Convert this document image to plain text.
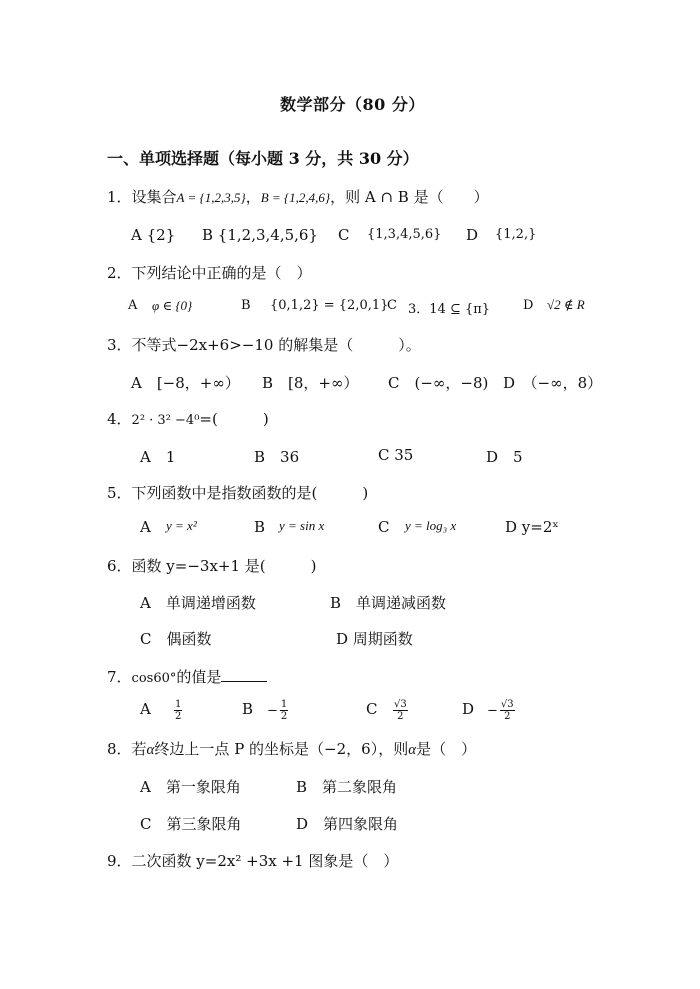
数学部分（80 分）
一、单项选择题（每小题 3 分，共 30 分）
1．设集合A = {1,2,3,5}，B = {1,2,4,6}，则 A ∩ B 是（　　）
A {2} B {1,2,3,4,5,6} C {1,3,4,5,6} D {1,2,}
2．下列结论中正确的是（　）
A φ ∈ {0}	B {0,1,2} = {2,0,1}
C 3．14 ⊆ {π}	D √2 ∉ R
3．不等式−2x+6>−10 的解集是（　　　）。
A　[−8，+∞） B　[8，+∞） C　(−∞，−8) D　（−∞，8）
4．2² · 3² −4⁰=(　　　)
A　1	B　36	C 35	D　5
5．下列函数中是指数函数的是(　　　)
A y = x²	B y = sin x	C y = log₃ x	D y=2ˣ
6．函数 y=−3x+1 是(　　　)
A　单调递增函数	B　单调递减函数
C　偶函数	D 周期函数
7．cos60°的值是
A $\frac{1}{2}$	$B - \frac{1}{2}$	C $\frac{√3}{2}$	$D - \frac{√3}{2}$
8．若α终边上一点 P 的坐标是（−2，6），则α是（　）
A　第一象限角	B　第二象限角
C　第三象限角	D　第四象限角
9．二次函数 y=2x² +3x +1 图象是（　）
